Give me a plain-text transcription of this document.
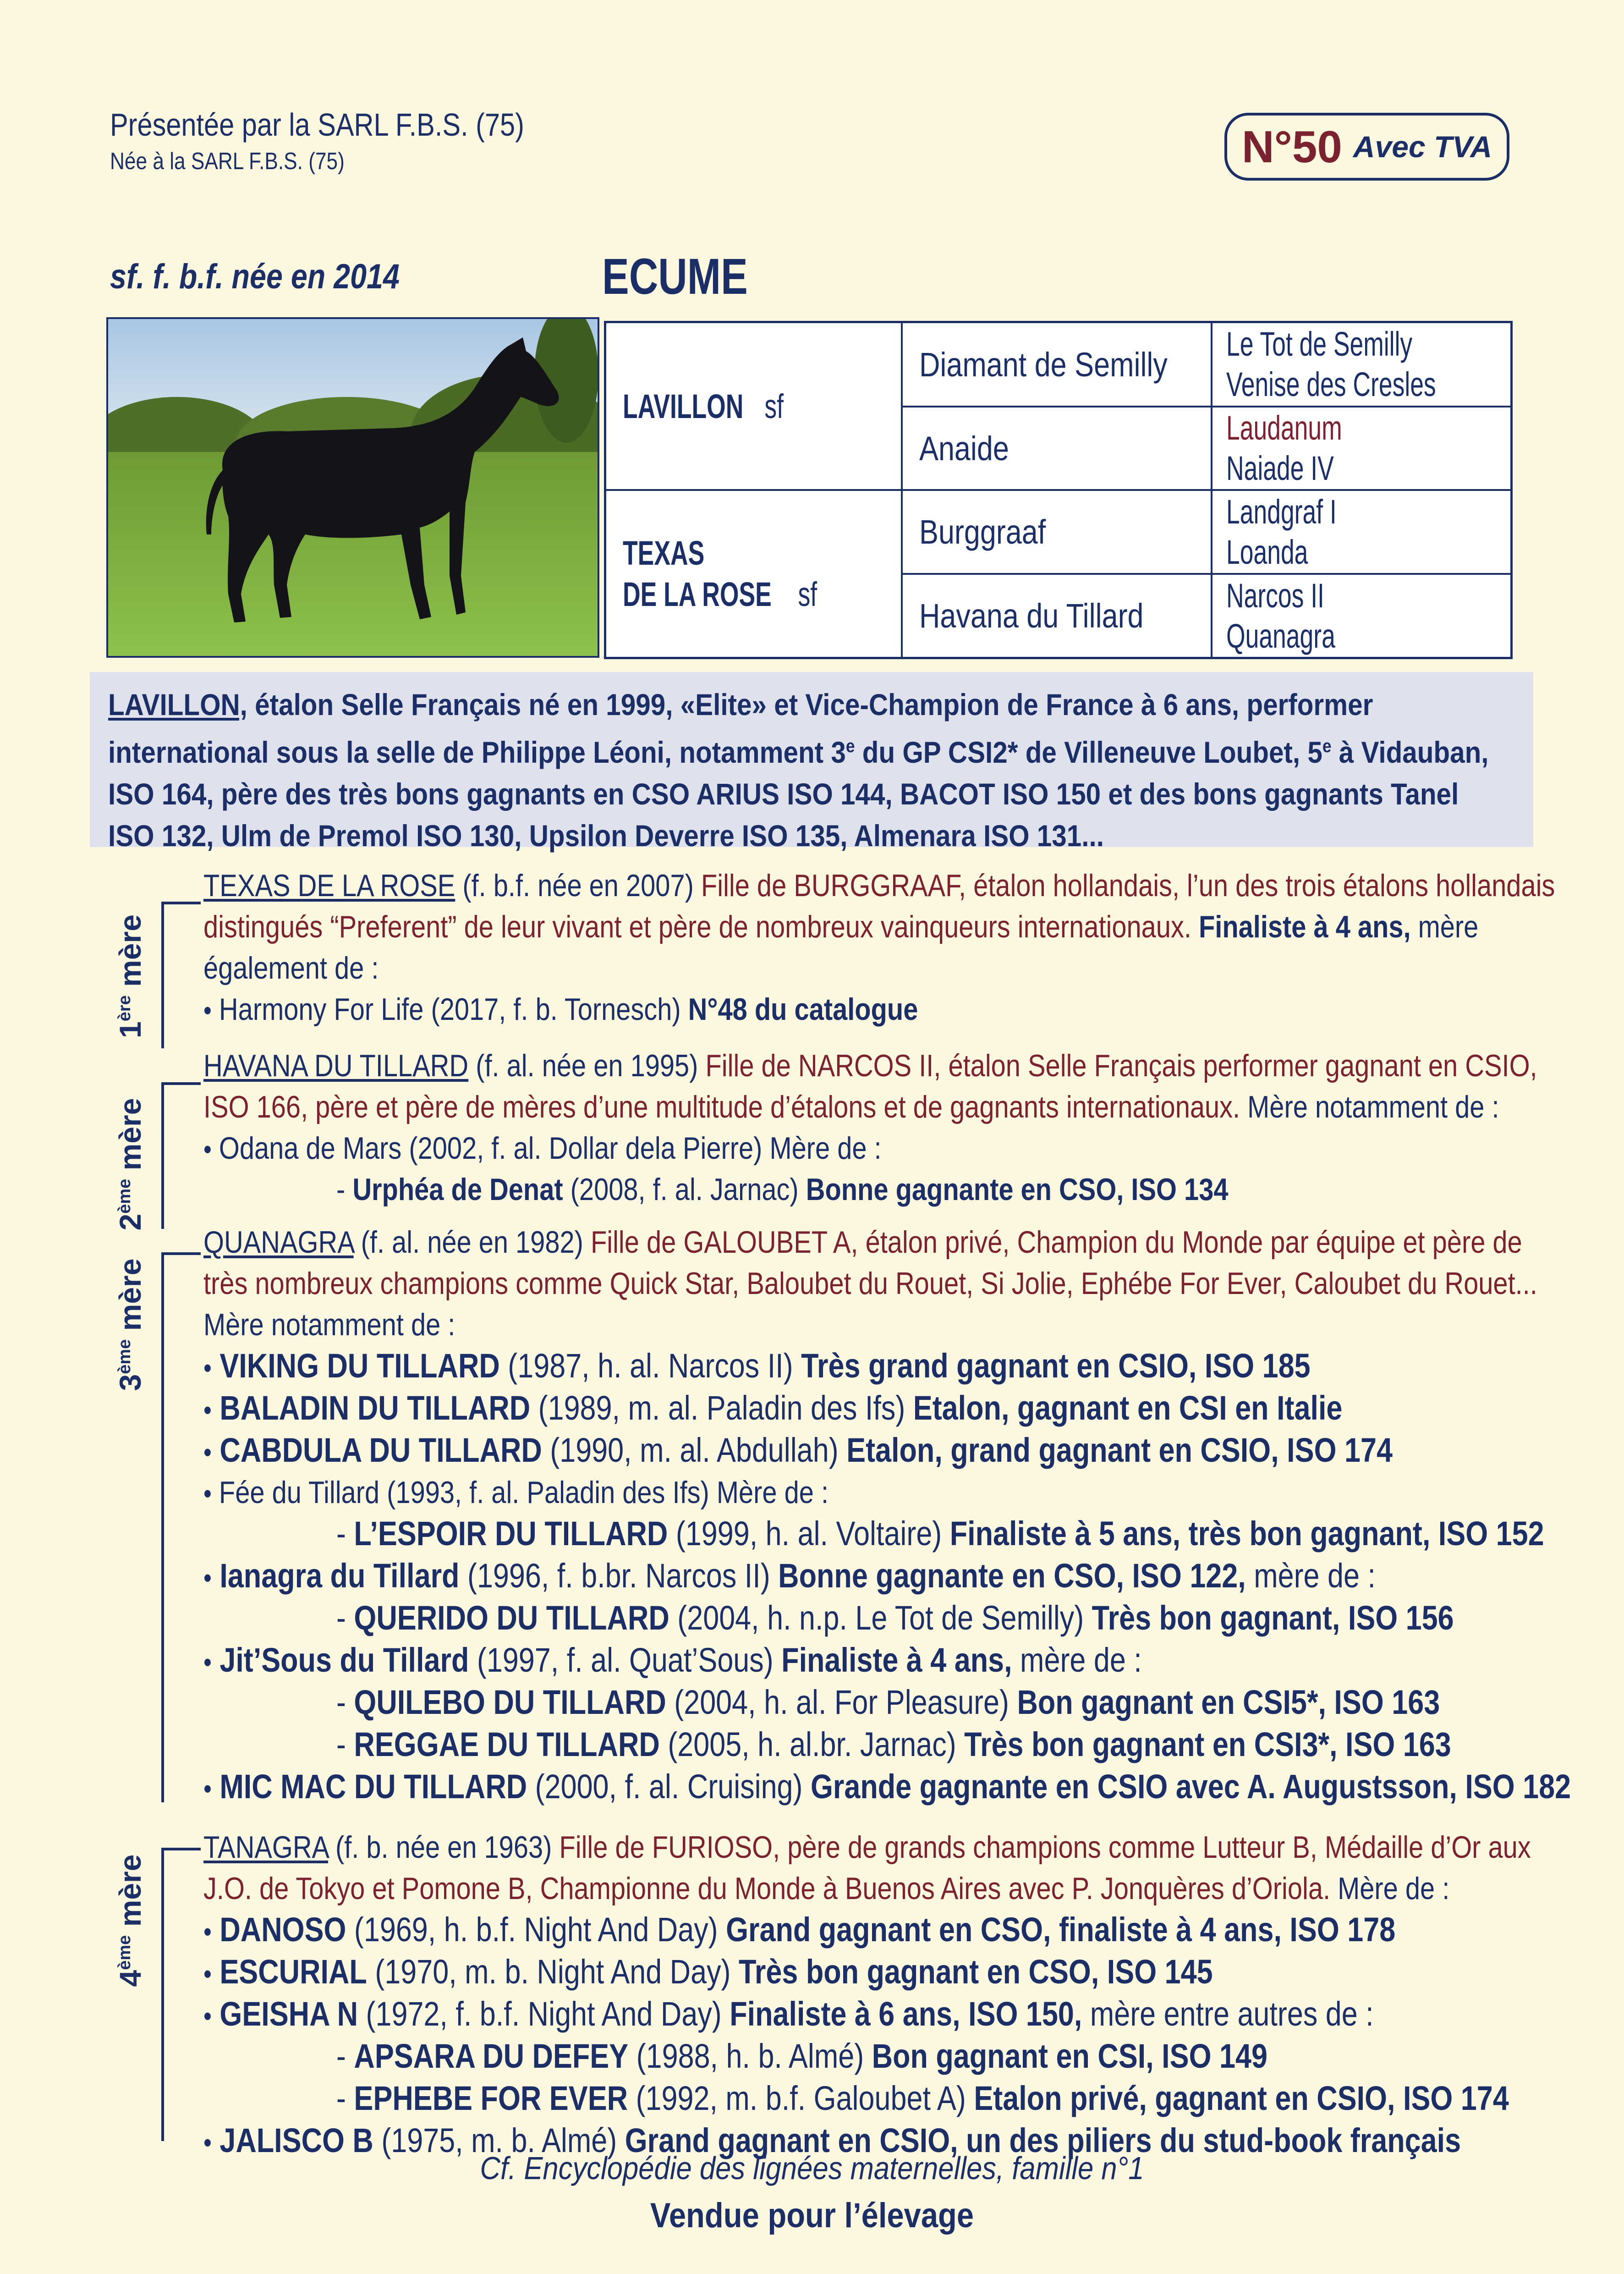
Présentée par la SARL F.B.S. (75)
Née à la SARL F.B.S. (75)	N°50 Avec TVA
sf. f. b.f. née en 2014	ECUME
LAVILLONsf
TEXAS
DE LA ROSEsf
Diamant de Semilly
Anaide
Burggraaf
Havana du Tillard
Le Tot de Semilly
Venise des Cresles
Laudanum
Naiade IV
Landgraf I
Loanda
Narcos II
Quanagra
LAVILLON, étalon Selle Français né en 1999, «Elite» et Vice-Champion de France à 6 ans, performer international sous la selle de Philippe Léoni, notamment 3e du GP CSI2* de Villeneuve Loubet, 5e à Vidauban, ISO 164, père des très bons gagnants en CSO ARIUS ISO 144, BACOT ISO 150 et des bons gagnants Tanel ISO 132, Ulm de Premol ISO 130, Upsilon Deverre ISO 135, Almenara ISO 131...
1ère mère
2ème mère
3ème mère
4ème mère
TEXAS DE LA ROSE (f. b.f. née en 2007) Fille de BURGGRAAF, étalon hollandais, l’un des trois étalons hollandais
distingués “Preferent” de leur vivant et père de nombreux vainqueurs internationaux. Finaliste à 4 ans, mère
également de :
• Harmony For Life (2017, f. b. Tornesch) N°48 du catalogue
HAVANA DU TILLARD (f. al. née en 1995) Fille de NARCOS II, étalon Selle Français performer gagnant en CSIO,
ISO 166, père et père de mères d’une multitude d’étalons et de gagnants internationaux. Mère notamment de :
• Odana de Mars (2002, f. al. Dollar dela Pierre) Mère de :
- Urphéa de Denat (2008, f. al. Jarnac) Bonne gagnante en CSO, ISO 134
QUANAGRA (f. al. née en 1982) Fille de GALOUBET A, étalon privé, Champion du Monde par équipe et père de
très nombreux champions comme Quick Star, Baloubet du Rouet, Si Jolie, Ephébe For Ever, Caloubet du Rouet...
Mère notamment de :
• VIKING DU TILLARD (1987, h. al. Narcos II) Très grand gagnant en CSIO, ISO 185
• BALADIN DU TILLARD (1989, m. al. Paladin des Ifs) Etalon, gagnant en CSI en Italie
• CABDULA DU TILLARD (1990, m. al. Abdullah) Etalon, grand gagnant en CSIO, ISO 174
• Fée du Tillard (1993, f. al. Paladin des Ifs) Mère de :
- L’ESPOIR DU TILLARD (1999, h. al. Voltaire) Finaliste à 5 ans, très bon gagnant, ISO 152
• Ianagra du Tillard (1996, f. b.br. Narcos II) Bonne gagnante en CSO, ISO 122, mère de :
- QUERIDO DU TILLARD (2004, h. n.p. Le Tot de Semilly) Très bon gagnant, ISO 156
• Jit’Sous du Tillard (1997, f. al. Quat’Sous) Finaliste à 4 ans, mère de :
- QUILEBO DU TILLARD (2004, h. al. For Pleasure) Bon gagnant en CSI5*, ISO 163
- REGGAE DU TILLARD (2005, h. al.br. Jarnac) Très bon gagnant en CSI3*, ISO 163
• MIC MAC DU TILLARD (2000, f. al. Cruising) Grande gagnante en CSIO avec A. Augustsson, ISO 182
TANAGRA (f. b. née en 1963) Fille de FURIOSO, père de grands champions comme Lutteur B, Médaille d’Or aux
J.O. de Tokyo et Pomone B, Championne du Monde à Buenos Aires avec P. Jonquères d’Oriola. Mère de :
• DANOSO (1969, h. b.f. Night And Day) Grand gagnant en CSO, finaliste à 4 ans, ISO 178
• ESCURIAL (1970, m. b. Night And Day) Très bon gagnant en CSO, ISO 145
• GEISHA N (1972, f. b.f. Night And Day) Finaliste à 6 ans, ISO 150, mère entre autres de :
- APSARA DU DEFEY (1988, h. b. Almé) Bon gagnant en CSI, ISO 149
- EPHEBE FOR EVER (1992, m. b.f. Galoubet A) Etalon privé, gagnant en CSIO, ISO 174
• JALISCO B (1975, m. b. Almé) Grand gagnant en CSIO, un des piliers du stud-book français
Cf. Encyclopédie des lignées maternelles, famille n°1
Vendue pour l’élevage
